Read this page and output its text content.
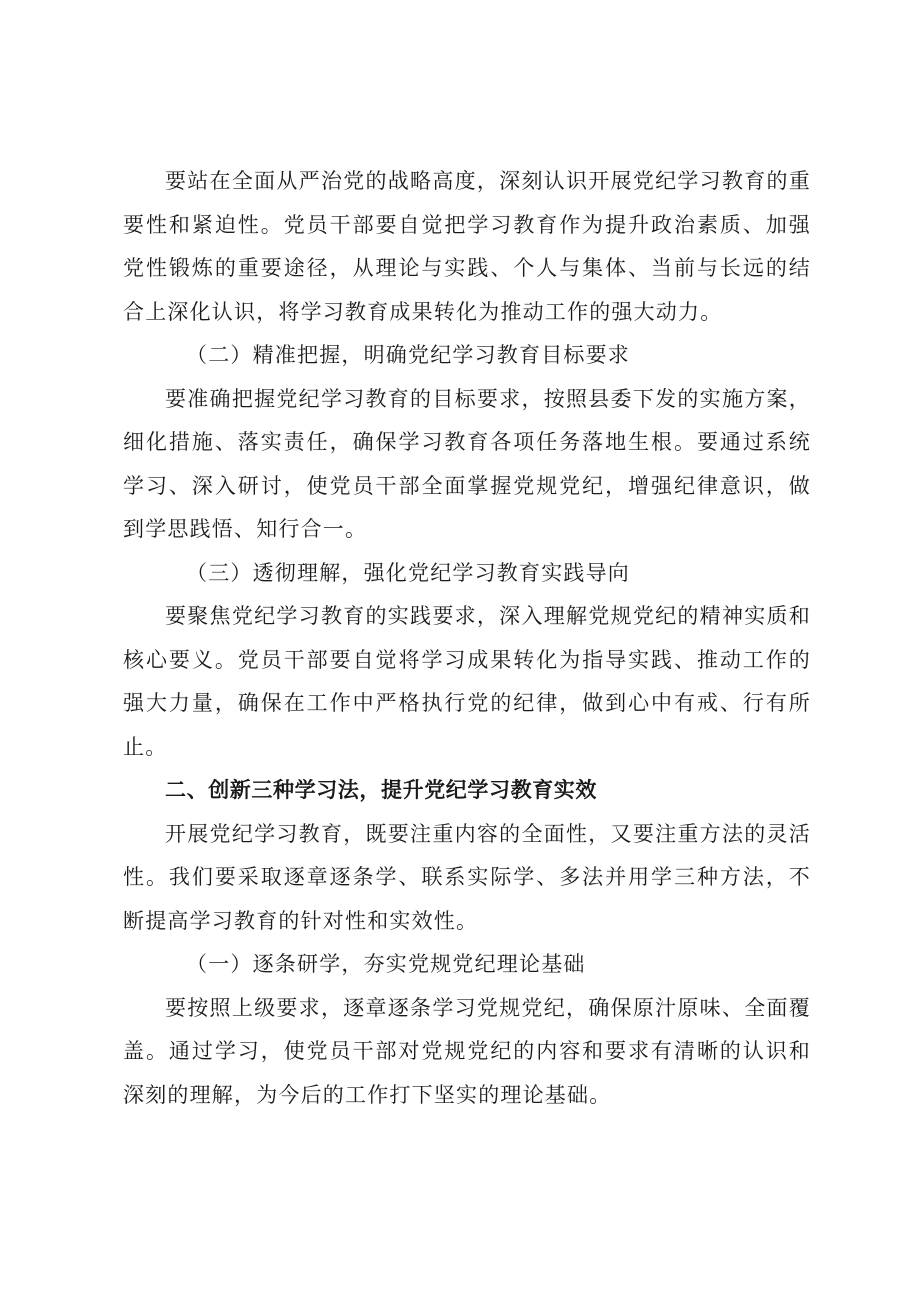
要站在全面从严治党的战略高度，深刻认识开展党纪学习教育的重要性和紧迫性。党员干部要自觉把学习教育作为提升政治素质、加强党性锻炼的重要途径，从理论与实践、个人与集体、当前与长远的结合上深化认识，将学习教育成果转化为推动工作的强大动力。

（二）精准把握，明确党纪学习教育目标要求

要准确把握党纪学习教育的目标要求，按照县委下发的实施方案，细化措施、落实责任，确保学习教育各项任务落地生根。要通过系统学习、深入研讨，使党员干部全面掌握党规党纪，增强纪律意识，做到学思践悟、知行合一。

（三）透彻理解，强化党纪学习教育实践导向

要聚焦党纪学习教育的实践要求，深入理解党规党纪的精神实质和核心要义。党员干部要自觉将学习成果转化为指导实践、推动工作的强大力量，确保在工作中严格执行党的纪律，做到心中有戒、行有所止。

二、创新三种学习法，提升党纪学习教育实效

开展党纪学习教育，既要注重内容的全面性，又要注重方法的灵活性。我们要采取逐章逐条学、联系实际学、多法并用学三种方法，不断提高学习教育的针对性和实效性。

（一）逐条研学，夯实党规党纪理论基础

要按照上级要求，逐章逐条学习党规党纪，确保原汁原味、全面覆盖。通过学习，使党员干部对党规党纪的内容和要求有清晰的认识和深刻的理解，为今后的工作打下坚实的理论基础。
